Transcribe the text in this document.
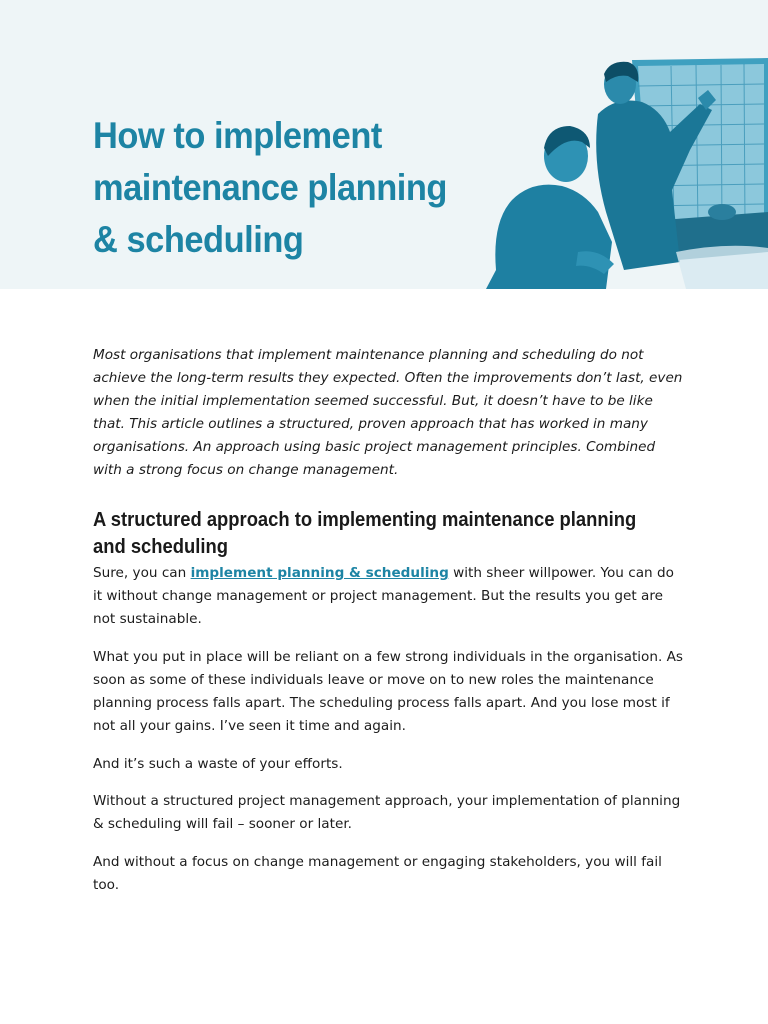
How to implement
maintenance planning
& scheduling

Most organisations that implement maintenance planning and scheduling do not achieve the long-term results they expected. Often the improvements don’t last, even when the initial implementation seemed successful. But, it doesn’t have to be like that. This article outlines a structured, proven approach that has worked in many organisations. An approach using basic project management principles. Combined with a strong focus on change management.

A structured approach to implementing maintenance planning and scheduling

Sure, you can implement planning & scheduling with sheer willpower. You can do it without change management or project management. But the results you get are not sustainable.

What you put in place will be reliant on a few strong individuals in the organisation. As soon as some of these individuals leave or move on to new roles the maintenance planning process falls apart. The scheduling process falls apart. And you lose most if not all your gains. I’ve seen it time and again.

And it’s such a waste of your efforts.

Without a structured project management approach, your implementation of planning & scheduling will fail – sooner or later.

And without a focus on change management or engaging stakeholders, you will fail too.
